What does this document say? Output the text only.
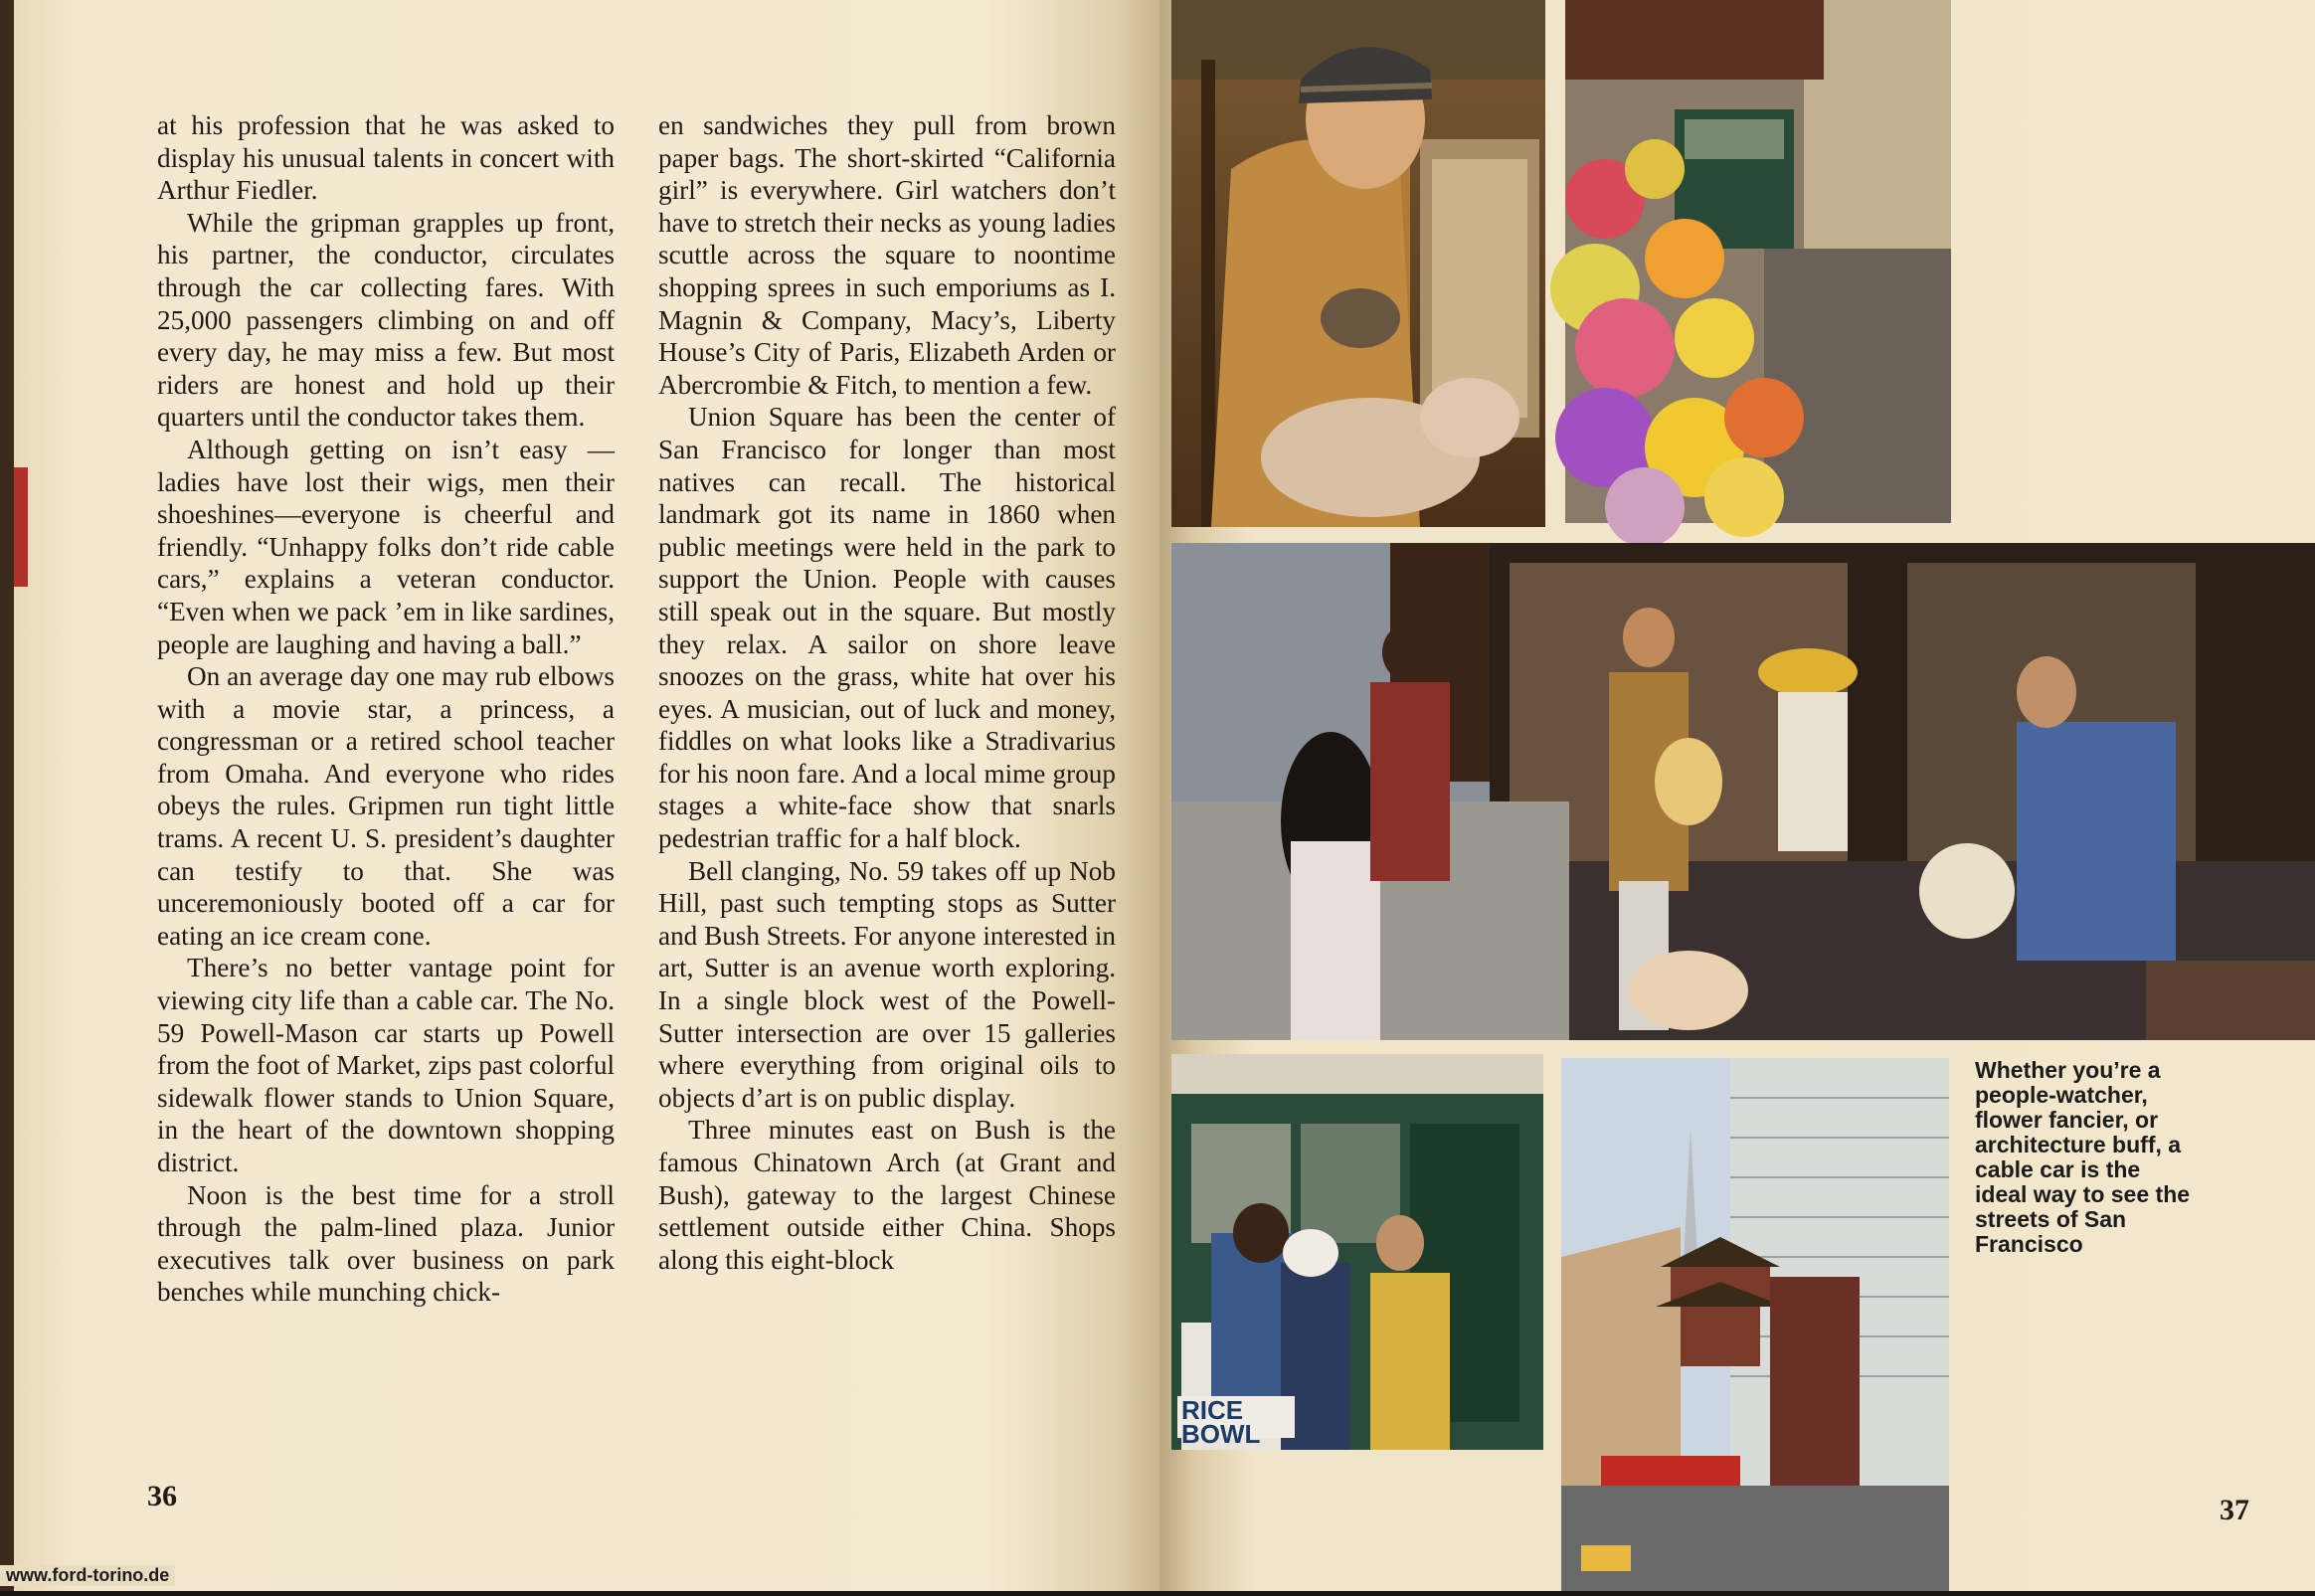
at his profession that he was asked to display his unusual talents in concert with Arthur Fiedler.

While the gripman grapples up front, his partner, the conductor, circulates through the car collecting fares. With 25,000 passengers climbing on and off every day, he may miss a few. But most riders are honest and hold up their quarters until the conductor takes them.

Although getting on isn’t easy — ladies have lost their wigs, men their shoeshines—everyone is cheerful and friendly. “Unhappy folks don’t ride cable cars,” explains a veteran conductor. “Even when we pack ’em in like sardines, people are laughing and having a ball.”

On an average day one may rub elbows with a movie star, a princess, a congressman or a retired school teacher from Omaha. And everyone who rides obeys the rules. Gripmen run tight little trams. A recent U. S. president’s daughter can testify to that. She was unceremoniously booted off a car for eating an ice cream cone.

There’s no better vantage point for viewing city life than a cable car. The No. 59 Powell-Mason car starts up Powell from the foot of Market, zips past colorful sidewalk flower stands to Union Square, in the heart of the downtown shopping district.

Noon is the best time for a stroll through the palm-lined plaza. Junior executives talk over business on park benches while munching chick-

en sandwiches they pull from brown paper bags. The short-skirted “California girl” is everywhere. Girl watchers don’t have to stretch their necks as young ladies scuttle across the square to noontime shopping sprees in such emporiums as I. Magnin & Company, Macy’s, Liberty House’s City of Paris, Elizabeth Arden or Abercrombie & Fitch, to mention a few.

Union Square has been the center of San Francisco for longer than most natives can recall. The historical landmark got its name in 1860 when public meetings were held in the park to support the Union. People with causes still speak out in the square. But mostly they relax. A sailor on shore leave snoozes on the grass, white hat over his eyes. A musician, out of luck and money, fiddles on what looks like a Stradivarius for his noon fare. And a local mime group stages a white-face show that snarls pedestrian traffic for a half block.

Bell clanging, No. 59 takes off up Nob Hill, past such tempting stops as Sutter and Bush Streets. For anyone interested in art, Sutter is an avenue worth exploring. In a single block west of the Powell-Sutter intersection are over 15 galleries where everything from original oils to objects d’art is on public display.

Three minutes east on Bush is the famous Chinatown Arch (at Grant and Bush), gateway to the largest Chinese settlement outside either China. Shops along this eight-block

36
RICE
BOWL
Whether you’re a people-watcher, flower fancier, or architecture buff, a cable car is the ideal way to see the streets of San Francisco
37
www.ford-torino.de
